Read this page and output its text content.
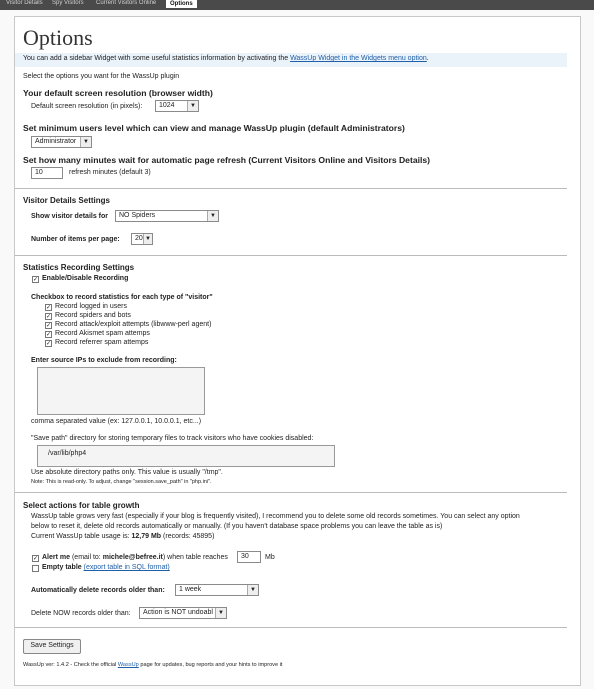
Visitor Details Spy Visitors Current Visitors Online	Options
Options
You can add a sidebar Widget with some useful statistics information by activating the WassUp Widget in the Widgets menu option.
Select the options you want for the WassUp plugin
Your default screen resolution (browser width)
Default screen resolution (in pixels):	1024	▼
Set minimum users level which can view and manage WassUp plugin (default Administrators)
Administrator	▼
Set how many minutes wait for automatic page refresh (Current Visitors Online and Visitors Details)
10	refresh minutes (default 3)
Visitor Details Settings
Show visitor details for	NO Spiders	▼
Number of items per page:	20 ▼
Statistics Recording Settings
✓ Enable/Disable Recording
Checkbox to record statistics for each type of "visitor"
✓ Record logged in users
✓ Record spiders and bots
✓ Record attack/exploit attempts (libwww-perl agent)
✓ Record Akismet spam attemps
✓ Record referrer spam attemps
Enter source IPs to exclude from recording:
comma separated value (ex: 127.0.0.1, 10.0.0.1, etc...)
"Save path" directory for storing temporary files to track visitors who have cookies disabled:
/var/lib/php4
Use absolute directory paths only. This value is usually "/tmp".
Note: This is read-only. To adjust, change "session.save_path" in "php.ini".
Select actions for table growth
WassUp table grows very fast (especially if your blog is frequently visited), I recommend you to delete some old records sometimes. You can select any option
below to reset it, delete old records automatically or manually. (If you haven't database space problems you can leave the table as is)
Current WassUp table usage is: 12,79 Mb (records: 45895)
✓ Alert me (email to: michele@befree.it) when table reaches	30	Mb
Empty table (export table in SQL format)
Automatically delete records older than:	1 week	▼
Delete NOW records older than:	Action is NOT undoabl ▼
Save Settings
WassUp ver: 1.4.2 - Check the official WassUp page for updates, bug reports and your hints to improve it
